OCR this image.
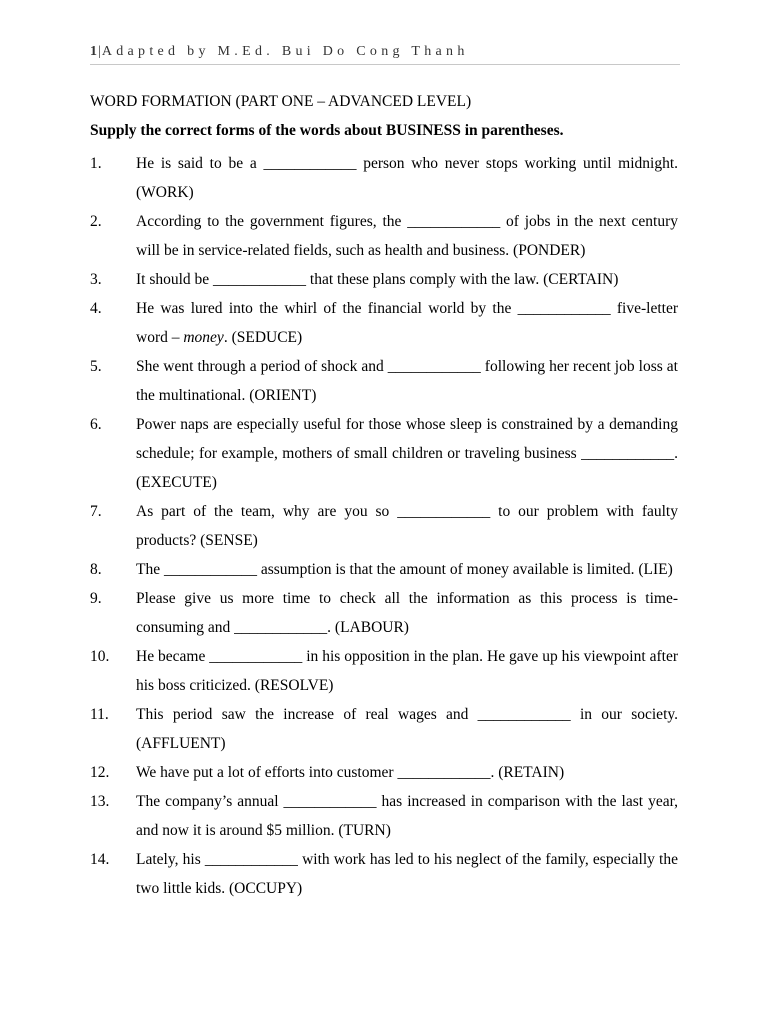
1|Adapted by M.Ed. Bui Do Cong Thanh
WORD FORMATION (PART ONE – ADVANCED LEVEL)
Supply the correct forms of the words about BUSINESS in parentheses.
1.	He is said to be a ____________ person who never stops working until midnight. (WORK)
2.	According to the government figures, the ____________ of jobs in the next century will be in service-related fields, such as health and business. (PONDER)
3.	It should be ____________ that these plans comply with the law. (CERTAIN)
4.	He was lured into the whirl of the financial world by the ____________ five-letter word – money. (SEDUCE)
5.	She went through a period of shock and ____________ following her recent job loss at the multinational. (ORIENT)
6.	Power naps are especially useful for those whose sleep is constrained by a demanding schedule; for example, mothers of small children or traveling business ____________. (EXECUTE)
7.	As part of the team, why are you so ____________ to our problem with faulty products? (SENSE)
8.	The ____________ assumption is that the amount of money available is limited. (LIE)
9.	Please give us more time to check all the information as this process is time-consuming and ____________. (LABOUR)
10.	He became ____________ in his opposition in the plan. He gave up his viewpoint after his boss criticized. (RESOLVE)
11.	This period saw the increase of real wages and ____________ in our society. (AFFLUENT)
12.	We have put a lot of efforts into customer ____________. (RETAIN)
13.	The company’s annual ____________ has increased in comparison with the last year, and now it is around $5 million. (TURN)
14.	Lately, his ____________ with work has led to his neglect of the family, especially the two little kids. (OCCUPY)
